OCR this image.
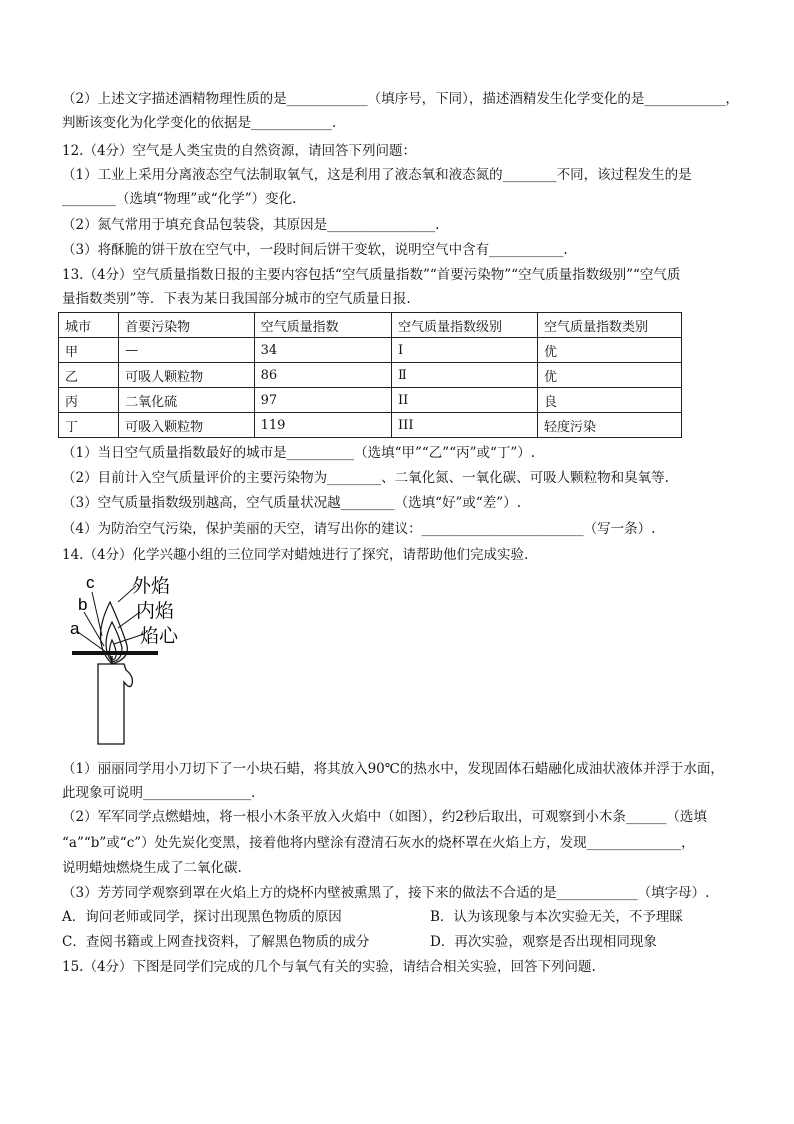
（2）上述文字描述酒精物理性质的是____________（填序号，下同），描述酒精发生化学变化的是____________，
判断该变化为化学变化的依据是____________.
12.（4分）空气是人类宝贵的自然资源，请回答下列问题：
（1）工业上采用分离液态空气法制取氧气，这是利用了液态氧和液态氮的________不同，该过程发生的是
________（选填“物理”或“化学”）变化.
（2）氮气常用于填充食品包装袋，其原因是________________.
（3）将酥脆的饼干放在空气中，一段时间后饼干变软，说明空气中含有___________.
13.（4分）空气质量指数日报的主要内容包括“空气质量指数”“首要污染物”“空气质量指数级别”“空气质
量指数类别”等．下表为某日我国部分城市的空气质量日报.
城市	首要污染物	空气质量指数	空气质量指数级别	空气质量指数类别
甲	—	34	I	优
乙	可吸人颗粒物	86	Ⅱ	优
丙	二氧化硫	97	II	良
丁	可吸入颗粒物	119	III	轻度污染
（1）当日空气质量指数最好的城市是__________（选填“甲”“乙”“丙”或“丁”）.
（2）目前计入空气质量评价的主要污染物为________、二氧化氮、一氧化碳、可吸人颗粒物和臭氧等.
（3）空气质量指数级别越高，空气质量状况越________（选填“好”或“差”）.
（4）为防治空气污染，保护美丽的天空，请写出你的建议：________________________（写一条）.
14.（4分）化学兴趣小组的三位同学对蜡烛进行了探究，请帮助他们完成实验.
c
b
a
外焰
内焰
焰心
（1）丽丽同学用小刀切下了一小块石蜡，将其放入90℃的热水中，发现固体石蜡融化成油状液体并浮于水面，
此现象可说明________________.
（2）军军同学点燃蜡烛，将一根小木条平放入火焰中（如图），约2秒后取出，可观察到小木条______（选填
“a”“b”或“c”）处先炭化变黑，接着他将内壁涂有澄清石灰水的烧杯罩在火焰上方，发现______________，
说明蜡烛燃烧生成了二氧化碳.
（3）芳芳同学观察到罩在火焰上方的烧杯内壁被熏黑了，接下来的做法不合适的是____________（填字母）.
A．询问老师或同学，探讨出现黑色物质的原因	B．认为该现象与本次实验无关，不予理睬
C．查阅书籍或上网查找资料，了解黑色物质的成分	D．再次实验，观察是否出现相同现象
15.（4分）下图是同学们完成的几个与氧气有关的实验，请结合相关实验，回答下列问题.
